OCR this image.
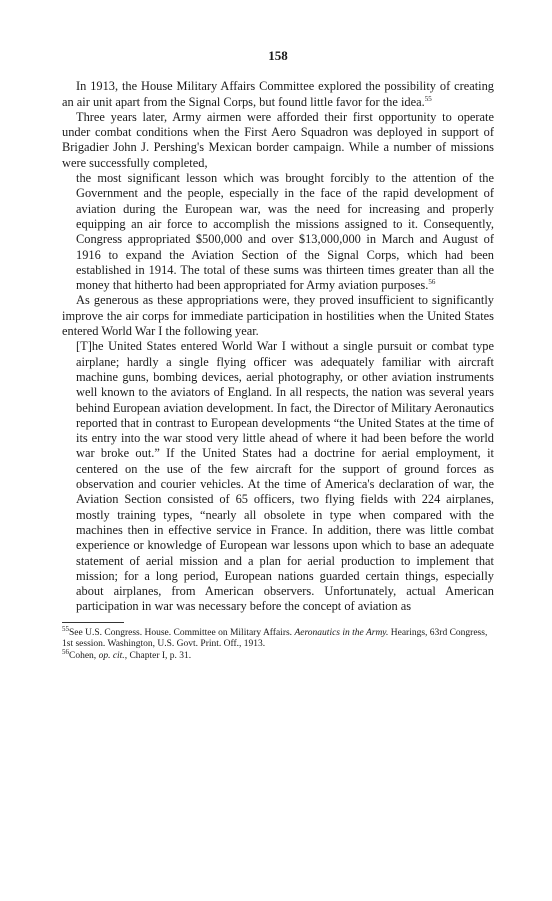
158

In 1913, the House Military Affairs Committee explored the possibility of creating an air unit apart from the Signal Corps, but found little favor for the idea.$^{55}$

Three years later, Army airmen were afforded their first opportunity to operate under combat conditions when the First Aero Squadron was deployed in support of Brigadier John J. Pershing's Mexican border campaign. While a number of missions were successfully completed,

the most significant lesson which was brought forcibly to the attention of the Government and the people, especially in the face of the rapid development of aviation during the European war, was the need for increasing and properly equipping an air force to accomplish the missions assigned to it. Consequently, Congress appropriated $500,000 and over $13,000,000 in March and August of 1916 to expand the Aviation Section of the Signal Corps, which had been established in 1914. The total of these sums was thirteen times greater than all the money that hitherto had been appropriated for Army aviation purposes.$^{56}$

As generous as these appropriations were, they proved insufficient to significantly improve the air corps for immediate participation in hostilities when the United States entered World War I the following year.

[T]he United States entered World War I without a single pursuit or combat type airplane; hardly a single flying officer was adequately familiar with aircraft machine guns, bombing devices, aerial photography, or other aviation instruments well known to the aviators of England. In all respects, the nation was several years behind European aviation development. In fact, the Director of Military Aeronautics reported that in contrast to European developments “the United States at the time of its entry into the war stood very little ahead of where it had been before the world war broke out.” If the United States had a doctrine for aerial employment, it centered on the use of the few aircraft for the support of ground forces as observation and courier vehicles. At the time of America's declaration of war, the Aviation Section consisted of 65 officers, two flying fields with 224 airplanes, mostly training types, “nearly all obsolete in type when compared with the machines then in effective service in France. In addition, there was little combat experience or knowledge of European war lessons upon which to base an adequate statement of aerial mission and a plan for aerial production to implement that mission; for a long period, European nations guarded certain things, especially about airplanes, from American observers. Unfortunately, actual American participation in war was necessary before the concept of aviation as

$^{55}$See U.S. Congress. House. Committee on Military Affairs. Aeronautics in the Army. Hearings, 63rd Congress, 1st session. Washington, U.S. Govt. Print. Off., 1913.

$^{56}$Cohen, op. cit., Chapter I, p. 31.
